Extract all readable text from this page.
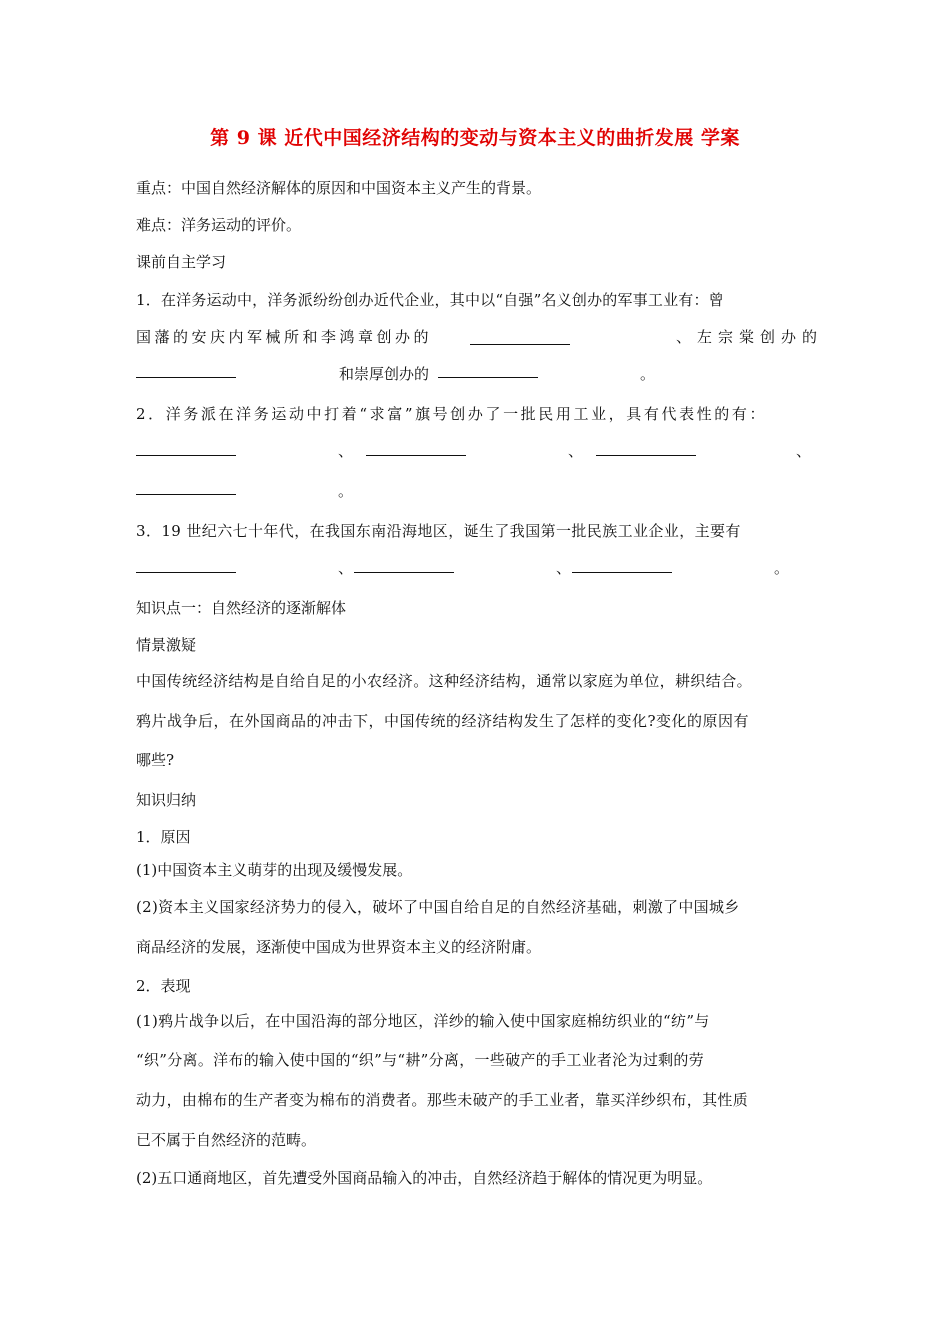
第 9 课 近代中国经济结构的变动与资本主义的曲折发展 学案
重点：中国自然经济解体的原因和中国资本主义产生的背景。
难点：洋务运动的评价。
课前自主学习
1．在洋务运动中，洋务派纷纷创办近代企业，其中以“自强”名义创办的军事工业有：曾
国藩的安庆内军械所和李鸿章创办的	、左宗棠创办的
和崇厚创办的	。
2．洋务派在洋务运动中打着“求富”旗号创办了一批民用工业，具有代表性的有：
、	、	、
。
3．19 世纪六七十年代，在我国东南沿海地区，诞生了我国第一批民族工业企业，主要有
、	、	。
知识点一：自然经济的逐渐解体
情景激疑
中国传统经济结构是自给自足的小农经济。这种经济结构，通常以家庭为单位，耕织结合。
鸦片战争后，在外国商品的冲击下，中国传统的经济结构发生了怎样的变化?变化的原因有
哪些?
知识归纳
1．原因
(1)中国资本主义萌芽的出现及缓慢发展。
(2)资本主义国家经济势力的侵入，破坏了中国自给自足的自然经济基础，刺激了中国城乡
商品经济的发展，逐渐使中国成为世界资本主义的经济附庸。
2．表现
(1)鸦片战争以后，在中国沿海的部分地区，洋纱的输入使中国家庭棉纺织业的“纺”与
“织”分离。洋布的输入使中国的“织”与“耕”分离，一些破产的手工业者沦为过剩的劳
动力，由棉布的生产者变为棉布的消费者。那些未破产的手工业者，靠买洋纱织布，其性质
已不属于自然经济的范畴。
(2)五口通商地区，首先遭受外国商品输入的冲击，自然经济趋于解体的情况更为明显。
